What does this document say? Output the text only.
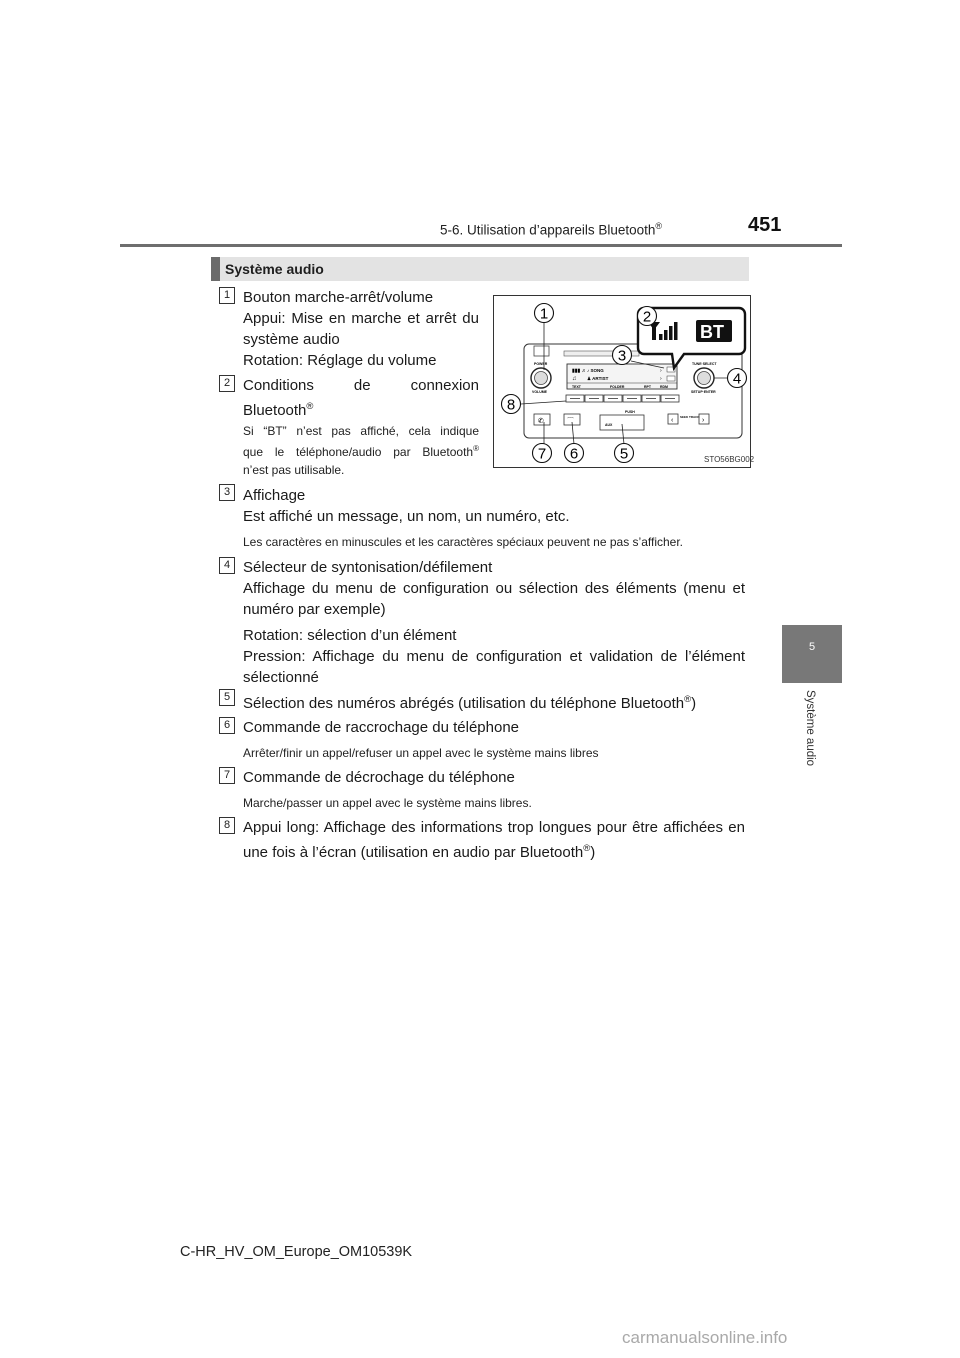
5-6. Utilisation d’appareils Bluetooth®	451
5
Système audio
Système audio
1 Bouton marche-arrêt/volume
Appui: Mise en marche et arrêt du
système audio
Rotation: Réglage du volume
2 Conditions de connexion
Bluetooth®
Si “BT” n’est pas affiché, cela indique
que le téléphone/audio par Bluetooth®
n’est pas utilisable.
POWER
VOLUME
TUNE·SELECT
SETUP·ENTER
▮▮▮ ♬ ♪ SONG
♫ ♟ ARTIST
›
›
TEXT	FOLDER	RPT	RDM
✆	⌒	AUX
PUSH
‹	›
SEEK TRACK
BT
1	2
3
4
5
6
7
8
STO56BG002
3 Affichage
Est affiché un message, un nom, un numéro, etc.
Les caractères en minuscules et les caractères spéciaux peuvent ne pas s’afficher.
4 Sélecteur de syntonisation/défilement
Affichage du menu de configuration ou sélection des éléments (menu et
numéro par exemple)
Rotation: sélection d’un élément
Pression: Affichage du menu de configuration et validation de l’élément
sélectionné
5 Sélection des numéros abrégés (utilisation du téléphone Bluetooth®)
6 Commande de raccrochage du téléphone
Arrêter/finir un appel/refuser un appel avec le système mains libres
7 Commande de décrochage du téléphone
Marche/passer un appel avec le système mains libres.
8 Appui long: Affichage des informations trop longues pour être affichées en
une fois à l’écran (utilisation en audio par Bluetooth®)
C-HR_HV_OM_Europe_OM10539K
carmanualsonline.info
